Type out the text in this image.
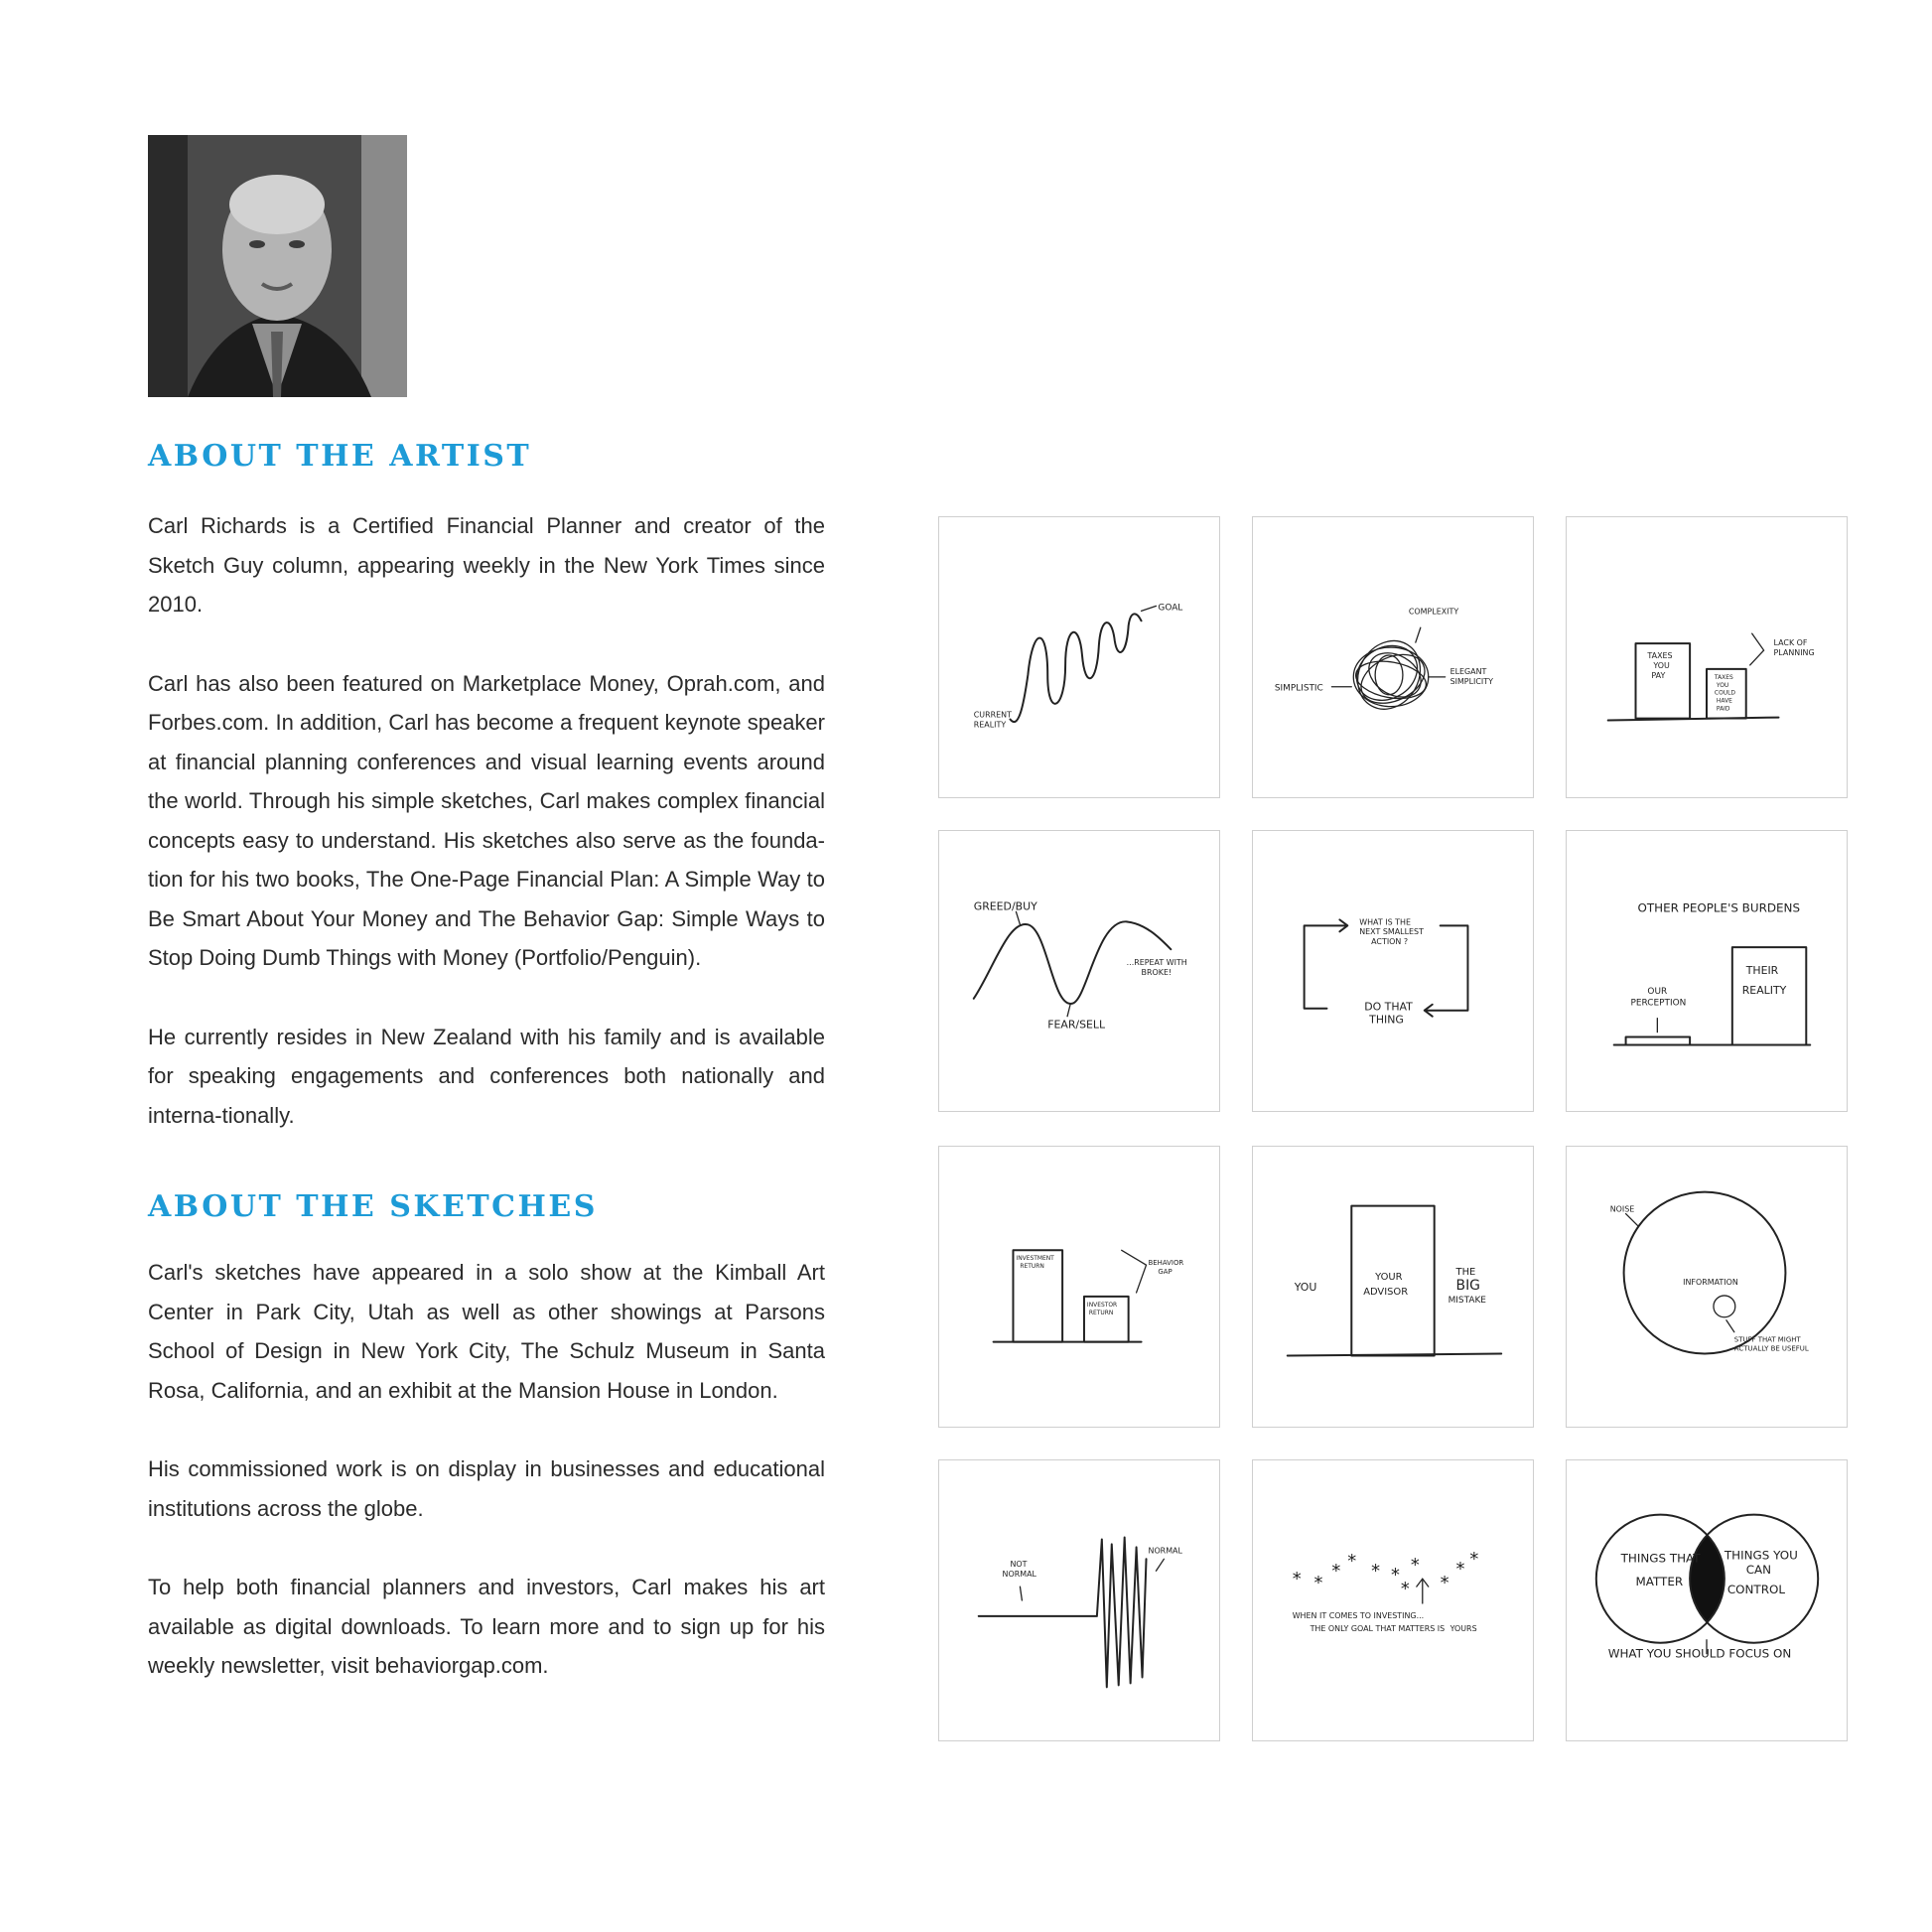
ABOUT THE ARTIST

Carl Richards is a Certified Financial Planner and creator of the Sketch Guy column, appearing weekly in the New York Times since 2010.

Carl has also been featured on Marketplace Money, Oprah.com, and Forbes.com. In addition, Carl has become a frequent keynote speaker at financial planning conferences and visual learning events around the world. Through his simple sketches, Carl makes complex financial concepts easy to understand. His sketches also serve as the founda-tion for his two books, The One-Page Financial Plan: A Simple Way to Be Smart About Your Money and The Behavior Gap: Simple Ways to Stop Doing Dumb Things with Money (Portfolio/Penguin).

He currently resides in New Zealand with his family and is available for speaking engagements and conferences both nationally and interna-tionally.

ABOUT THE SKETCHES

Carl's sketches have appeared in a solo show at the Kimball Art Center in Park City, Utah as well as other showings at Parsons School of Design in New York City, The Schulz Museum in Santa Rosa, California, and an exhibit at the Mansion House in London.

His commissioned work is on display in businesses and educational institutions across the globe.

To help both financial planners and investors, Carl makes his art available as digital downloads. To learn more and to sign up for his weekly newsletter, visit behaviorgap.com.

GOAL
CURRENT
REALITY
COMPLEXITY
SIMPLISTIC
ELEGANT
SIMPLICITY
TAXES
YOU
PAY	TAXES
YOU
COULD
HAVE
PAID
LACK OF
PLANNING
GREED/BUY
FEAR/SELL
...REPEAT WITH
BROKE!
WHAT IS THE
NEXT SMALLEST
ACTION ?
DO THAT
THING
OTHER PEOPLE'S BURDENS
OUR
PERCEPTION
THEIR
REALITY
INVESTMENT
RETURN
INVESTOR
RETURN
BEHAVIOR
GAP
YOU
YOUR
ADVISOR
THE
BIG
MISTAKE
NOISE
INFORMATION
STUFF THAT MIGHT
ACTUALLY BE USEFUL
NOT
NORMAL
NORMAL
* *
* * * * *
* *
* *
WHEN IT COMES TO INVESTING...
THE ONLY GOAL THAT MATTERS IS YOURS
THINGS THAT
MATTER
THINGS YOU
CAN
CONTROL
WHAT YOU SHOULD FOCUS ON
